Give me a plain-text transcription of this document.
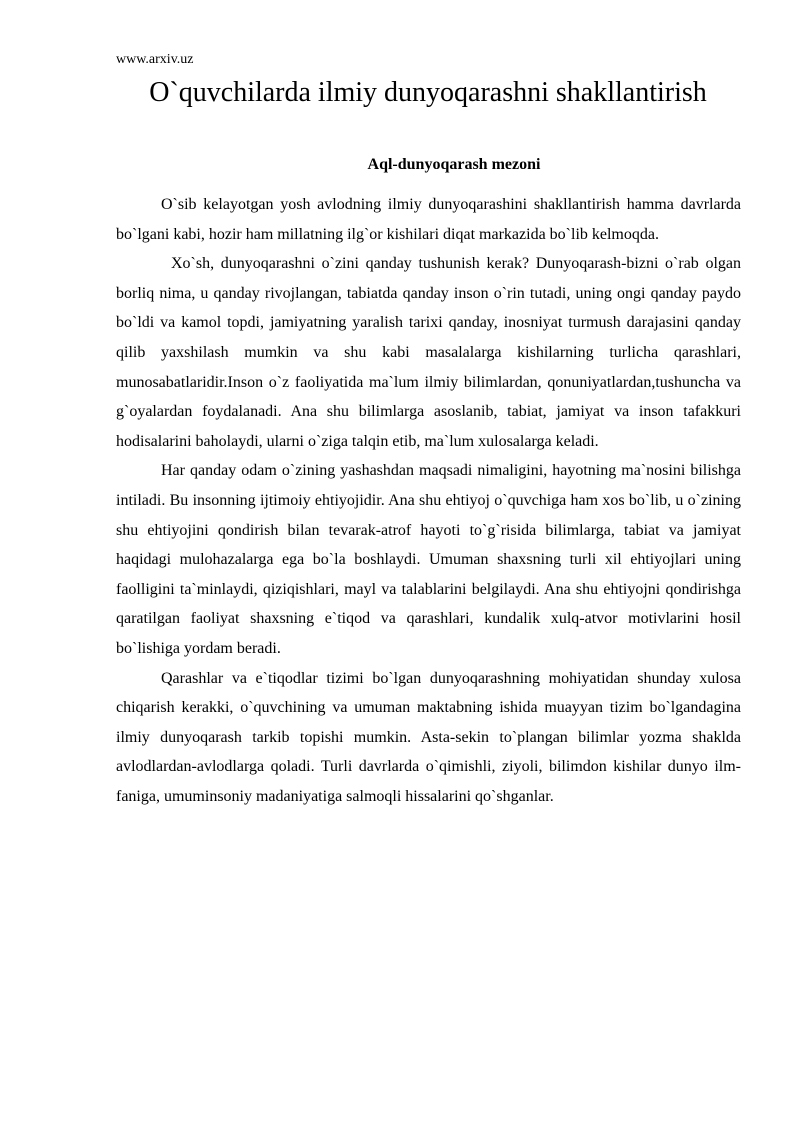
www.arxiv.uz
O`quvchilarda ilmiy dunyoqarashni shakllantirish
Aql-dunyoqarash mezoni

O`sib kelayotgan yosh avlodning ilmiy dunyoqarashini shakllantirish hamma davrlarda bo`lgani kabi, hozir ham millatning ilg`or kishilari diqat markazida bo`lib kelmoqda.

Xo`sh, dunyoqarashni o`zini qanday tushunish kerak? Dunyoqarash-bizni o`rab olgan borliq nima, u qanday rivojlangan, tabiatda qanday inson o`rin tutadi, uning ongi qanday paydo bo`ldi va kamol topdi, jamiyatning yaralish tarixi qanday, inosniyat turmush darajasini qanday qilib yaxshilash mumkin va shu kabi masalalarga kishilarning turlicha qarashlari, munosabatlaridir.Inson o`z faoliyatida ma`lum ilmiy bilimlardan, qonuniyatlardan,tushuncha va g`oyalardan foydalanadi. Ana shu bilimlarga asoslanib, tabiat, jamiyat va inson tafakkuri hodisalarini baholaydi, ularni o`ziga talqin etib, ma`lum xulosalarga keladi.

Har qanday odam o`zining yashashdan maqsadi nimaligini, hayotning ma`nosini bilishga intiladi. Bu insonning ijtimoiy ehtiyojidir. Ana shu ehtiyoj o`quvchiga ham xos bo`lib, u o`zining shu ehtiyojini qondirish bilan tevarak-atrof hayoti to`g`risida bilimlarga, tabiat va jamiyat haqidagi mulohazalarga ega bo`la boshlaydi. Umuman shaxsning turli xil ehtiyojlari uning faolligini ta`minlaydi, qiziqishlari, mayl va talablarini belgilaydi. Ana shu ehtiyojni qondirishga qaratilgan faoliyat shaxsning e`tiqod va qarashlari, kundalik xulq-atvor motivlarini hosil bo`lishiga yordam beradi.

Qarashlar va e`tiqodlar tizimi bo`lgan dunyoqarashning mohiyatidan shunday xulosa chiqarish kerakki, o`quvchining va umuman maktabning ishida muayyan tizim bo`lgandagina ilmiy dunyoqarash tarkib topishi mumkin. Asta-sekin to`plangan bilimlar yozma shaklda avlodlardan-avlodlarga qoladi. Turli davrlarda o`qimishli, ziyoli, bilimdon kishilar dunyo ilm-faniga, umuminsoniy madaniyatiga salmoqli hissalarini qo`shganlar.
